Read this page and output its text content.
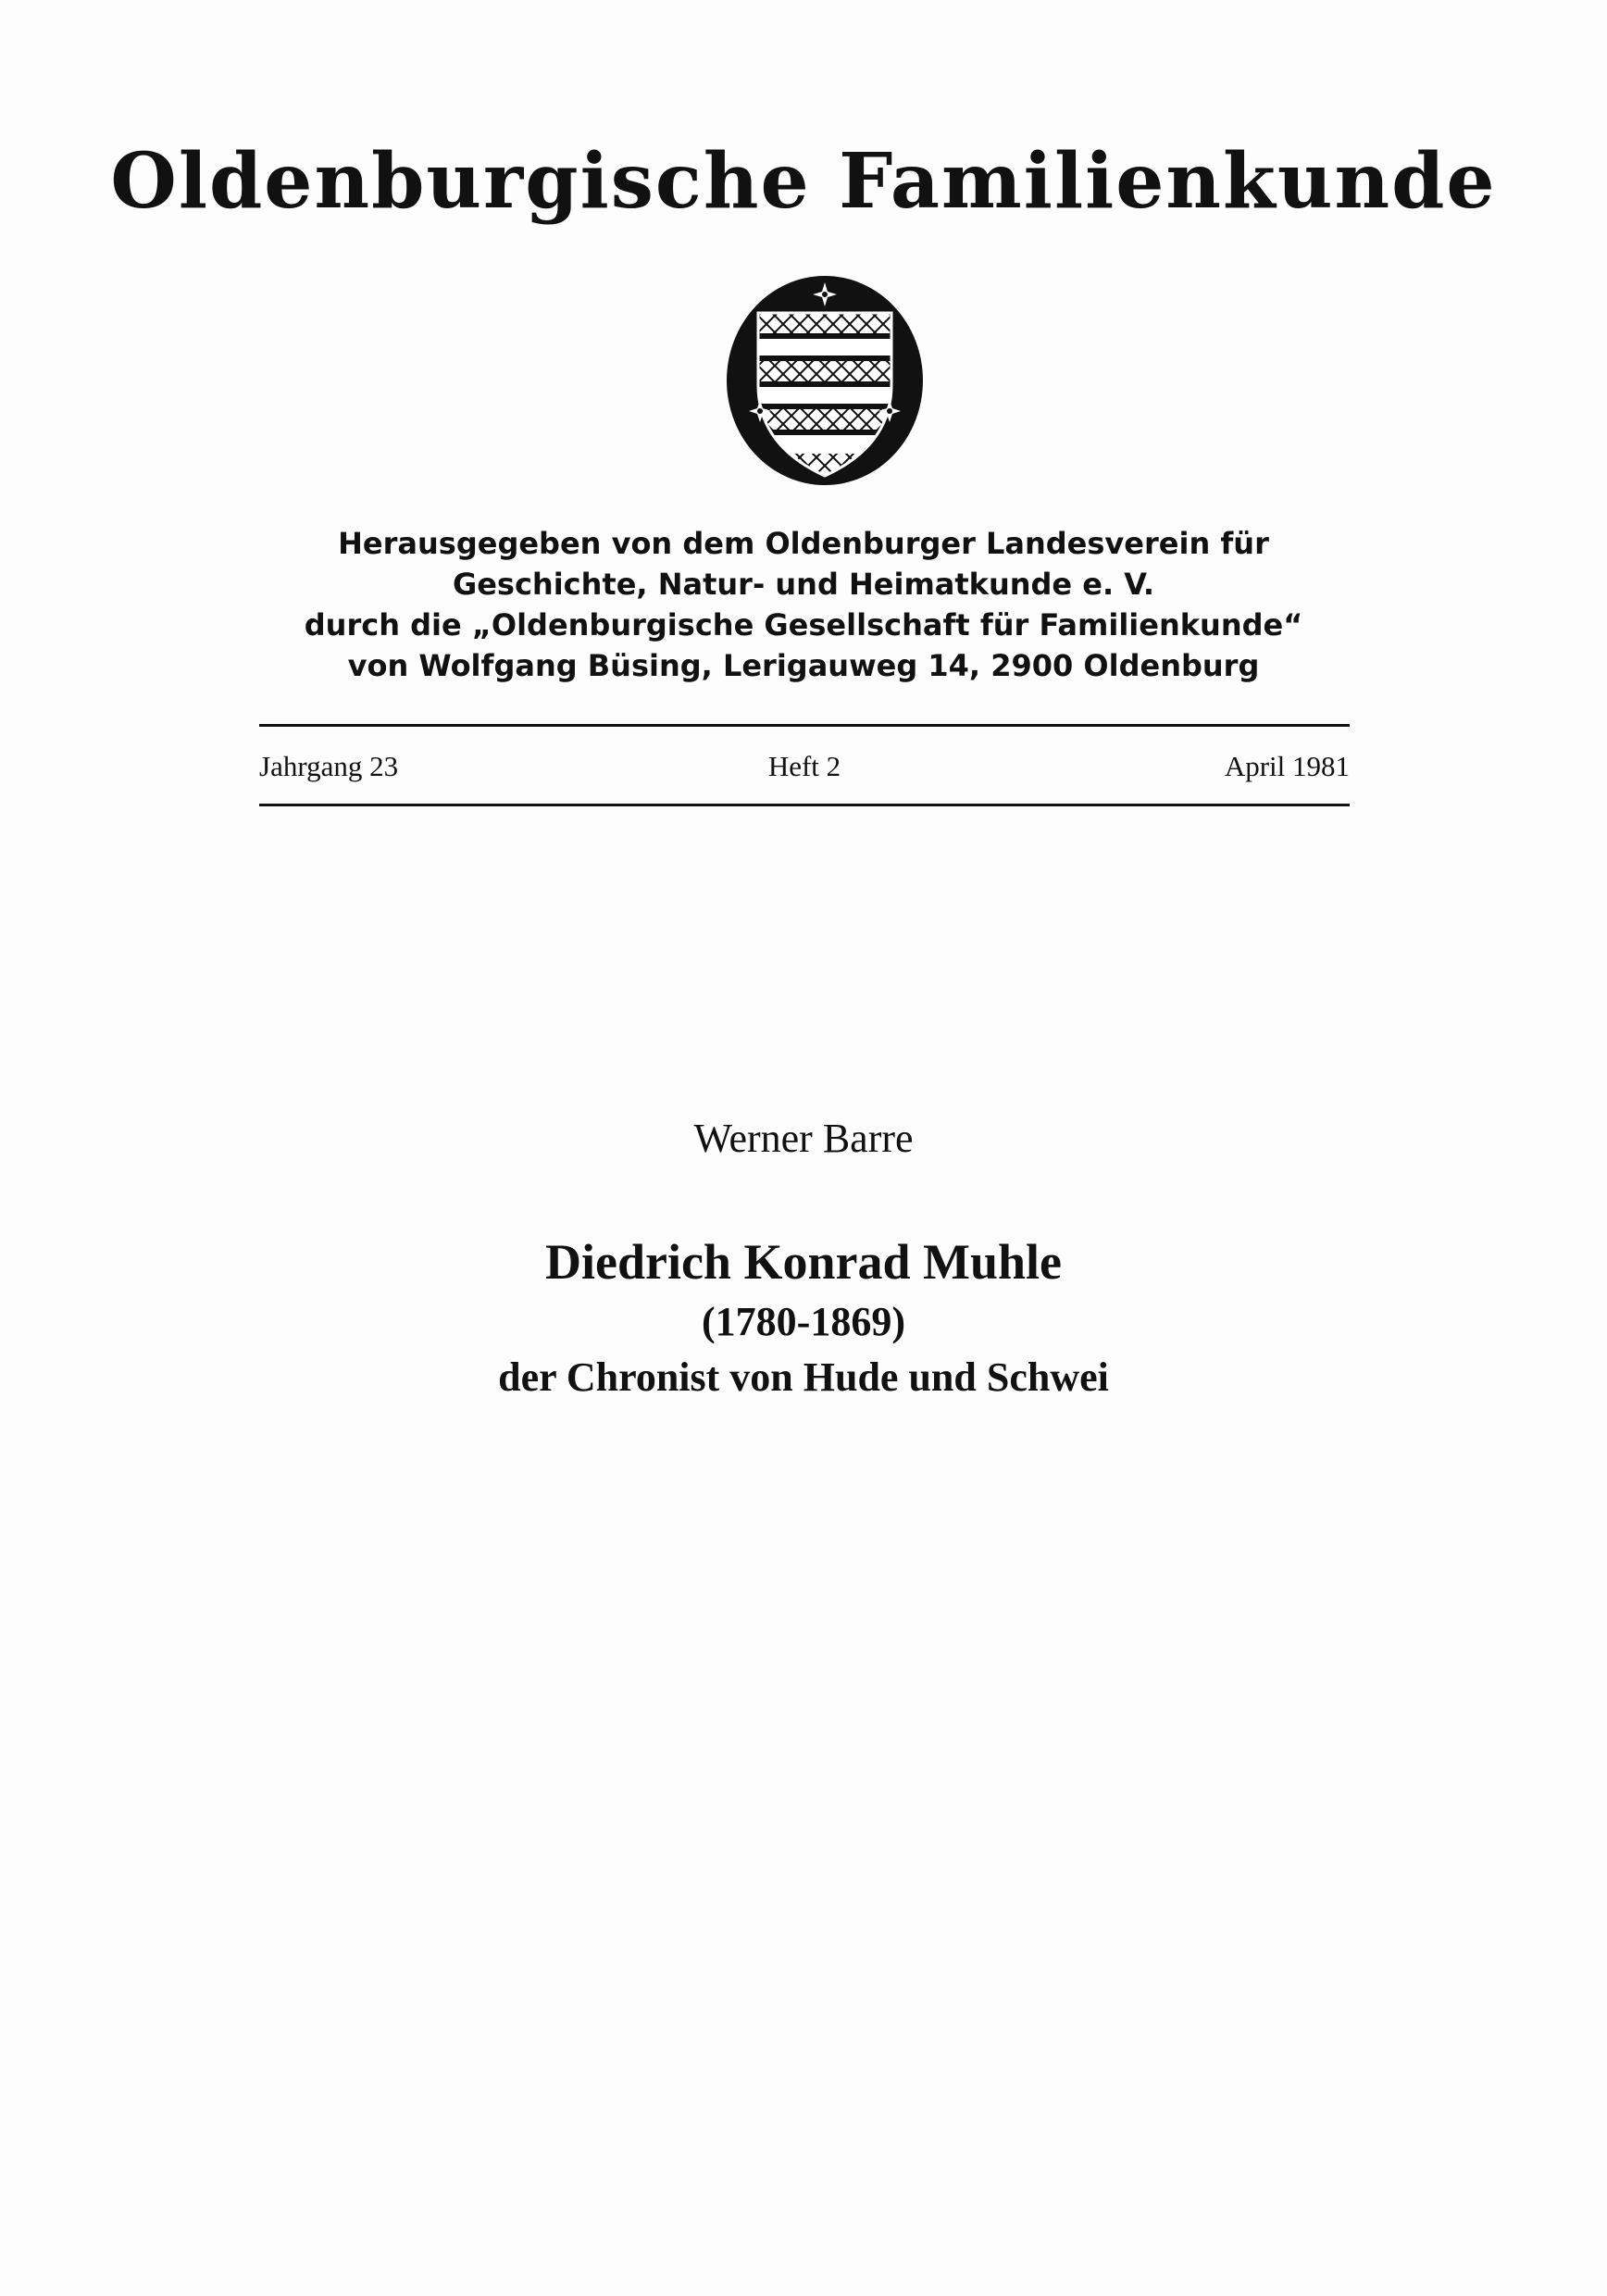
Oldenburgische Familienkunde
Herausgegeben von dem Oldenburger Landesverein für
Geschichte, Natur- und Heimatkunde e. V.
durch die „Oldenburgische Gesellschaft für Familienkunde“
von Wolfgang Büsing, Lerigauweg 14, 2900 Oldenburg
Jahrgang 23	Heft 2	April 1981
Werner Barre
Diedrich Konrad Muhle
(1780-1869)
der Chronist von Hude und Schwei
